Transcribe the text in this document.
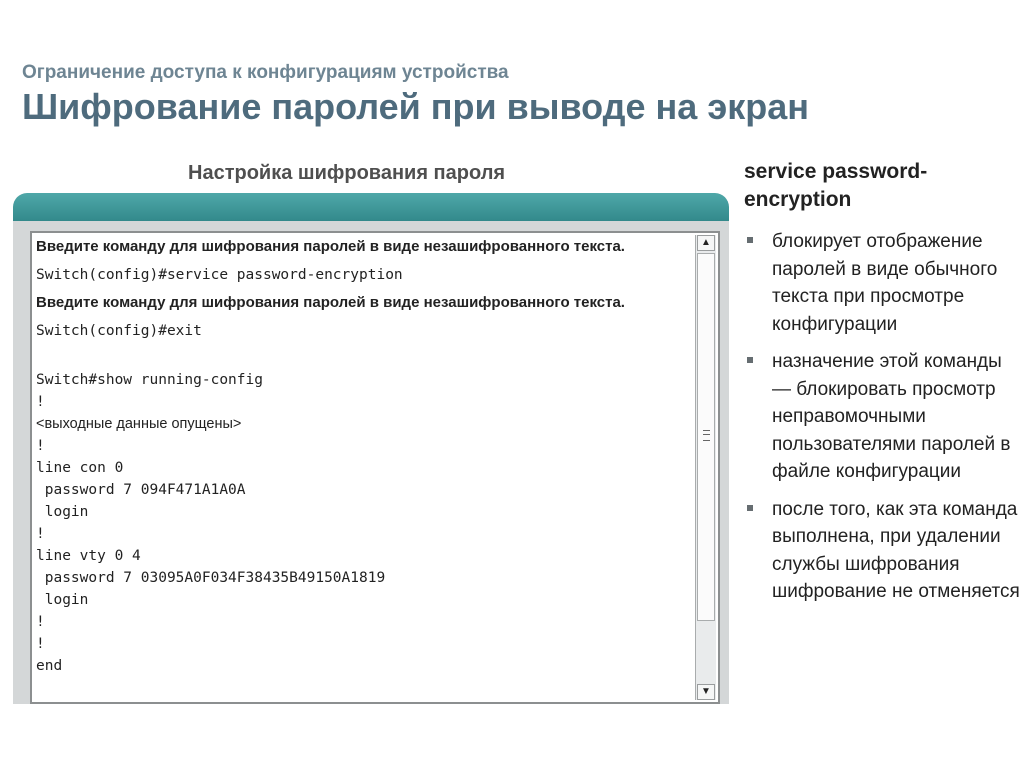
Ограничение доступа к конфигурациям устройства
Шифрование паролей при выводе на экран
Настройка шифрования пароля
Введите команду для шифрования паролей в виде незашифрованного текста.
Switch(config)#service password-encryption
Введите команду для шифрования паролей в виде незашифрованного текста.
Switch(config)#exit
Switch#show running-config
!
<выходные данные опущены>
!
line con 0
password 7 094F471A1A0A
login
!
line vty 0 4
password 7 03095A0F034F38435B49150A1819
login
!
!
end
▲
▼
service password-encryption
блокирует отображение паролей в виде обычного текста при просмотре конфигурации
назначение этой команды — блокировать просмотр неправомочными пользователями паролей в файле конфигурации
после того, как эта команда выполнена, при удалении службы шифрования шифрование не отменяется
